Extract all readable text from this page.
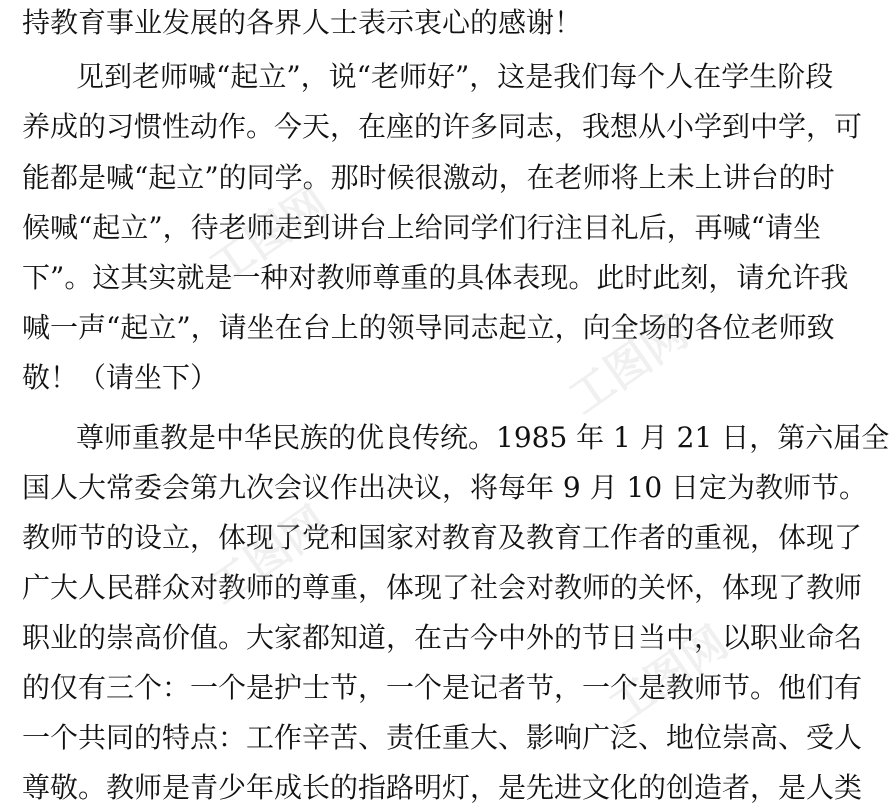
持教育事业发展的各界人士表示衷心的感谢！
见到老师喊“起立”，说“老师好”，这是我们每个人在学生阶段
养成的习惯性动作。今天，在座的许多同志，我想从小学到中学，可
能都是喊“起立”的同学。那时候很激动，在老师将上未上讲台的时
候喊“起立”，待老师走到讲台上给同学们行注目礼后，再喊“请坐
下”。这其实就是一种对教师尊重的具体表现。此时此刻，请允许我
喊一声“起立”，请坐在台上的领导同志起立，向全场的各位老师致
敬！（请坐下）
尊师重教是中华民族的优良传统。1985 年 1 月 21 日，第六届全
国人大常委会第九次会议作出决议，将每年 9 月 10 日定为教师节。
教师节的设立，体现了党和国家对教育及教育工作者的重视，体现了
广大人民群众对教师的尊重，体现了社会对教师的关怀，体现了教师
职业的崇高价值。大家都知道，在古今中外的节日当中，以职业命名
的仅有三个：一个是护士节，一个是记者节，一个是教师节。他们有
一个共同的特点：工作辛苦、责任重大、影响广泛、地位崇高、受人
尊敬。教师是青少年成长的指路明灯，是先进文化的创造者，是人类
工图网
工图网
工图网
工图网
